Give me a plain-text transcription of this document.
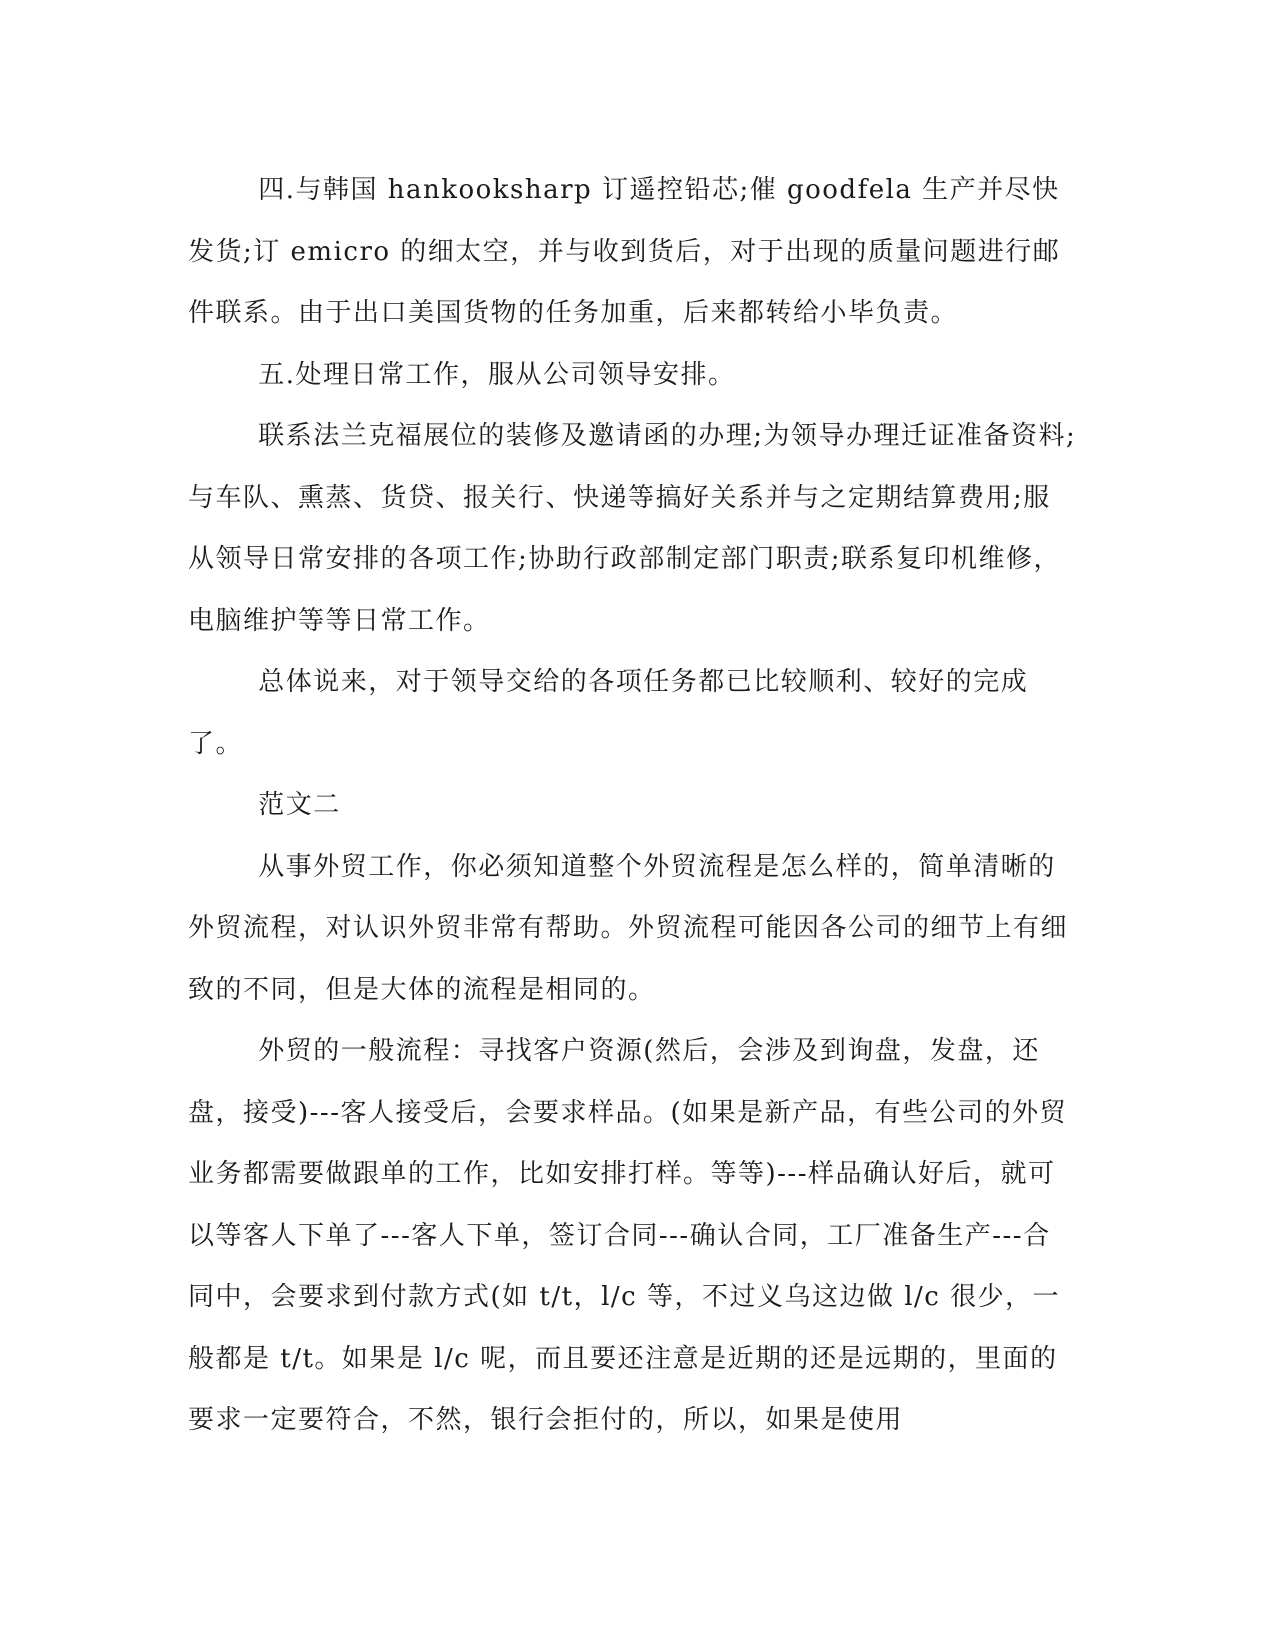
四.与韩国 hankooksharp 订遥控铅芯;催 goodfela 生产并尽快发货;订 emicro 的细太空，并与收到货后，对于出现的质量问题进行邮件联系。由于出口美国货物的任务加重，后来都转给小毕负责。

五.处理日常工作，服从公司领导安排。

联系法兰克福展位的装修及邀请函的办理;为领导办理迁证准备资料;与车队、熏蒸、货贷、报关行、快递等搞好关系并与之定期结算费用;服从领导日常安排的各项工作;协助行政部制定部门职责;联系复印机维修，电脑维护等等日常工作。

总体说来，对于领导交给的各项任务都已比较顺利、较好的完成了。

范文二

从事外贸工作，你必须知道整个外贸流程是怎么样的，简单清晰的外贸流程，对认识外贸非常有帮助。外贸流程可能因各公司的细节上有细致的不同，但是大体的流程是相同的。

外贸的一般流程：寻找客户资源(然后，会涉及到询盘，发盘，还盘，接受)---客人接受后，会要求样品。(如果是新产品，有些公司的外贸业务都需要做跟单的工作，比如安排打样。等等)---样品确认好后，就可以等客人下单了---客人下单，签订合同---确认合同，工厂准备生产---合同中，会要求到付款方式(如 t/t，l/c 等，不过义乌这边做 l/c 很少，一般都是 t/t。如果是 l/c 呢，而且要还注意是近期的还是远期的，里面的要求一定要符合，不然，银行会拒付的，所以，如果是使用
